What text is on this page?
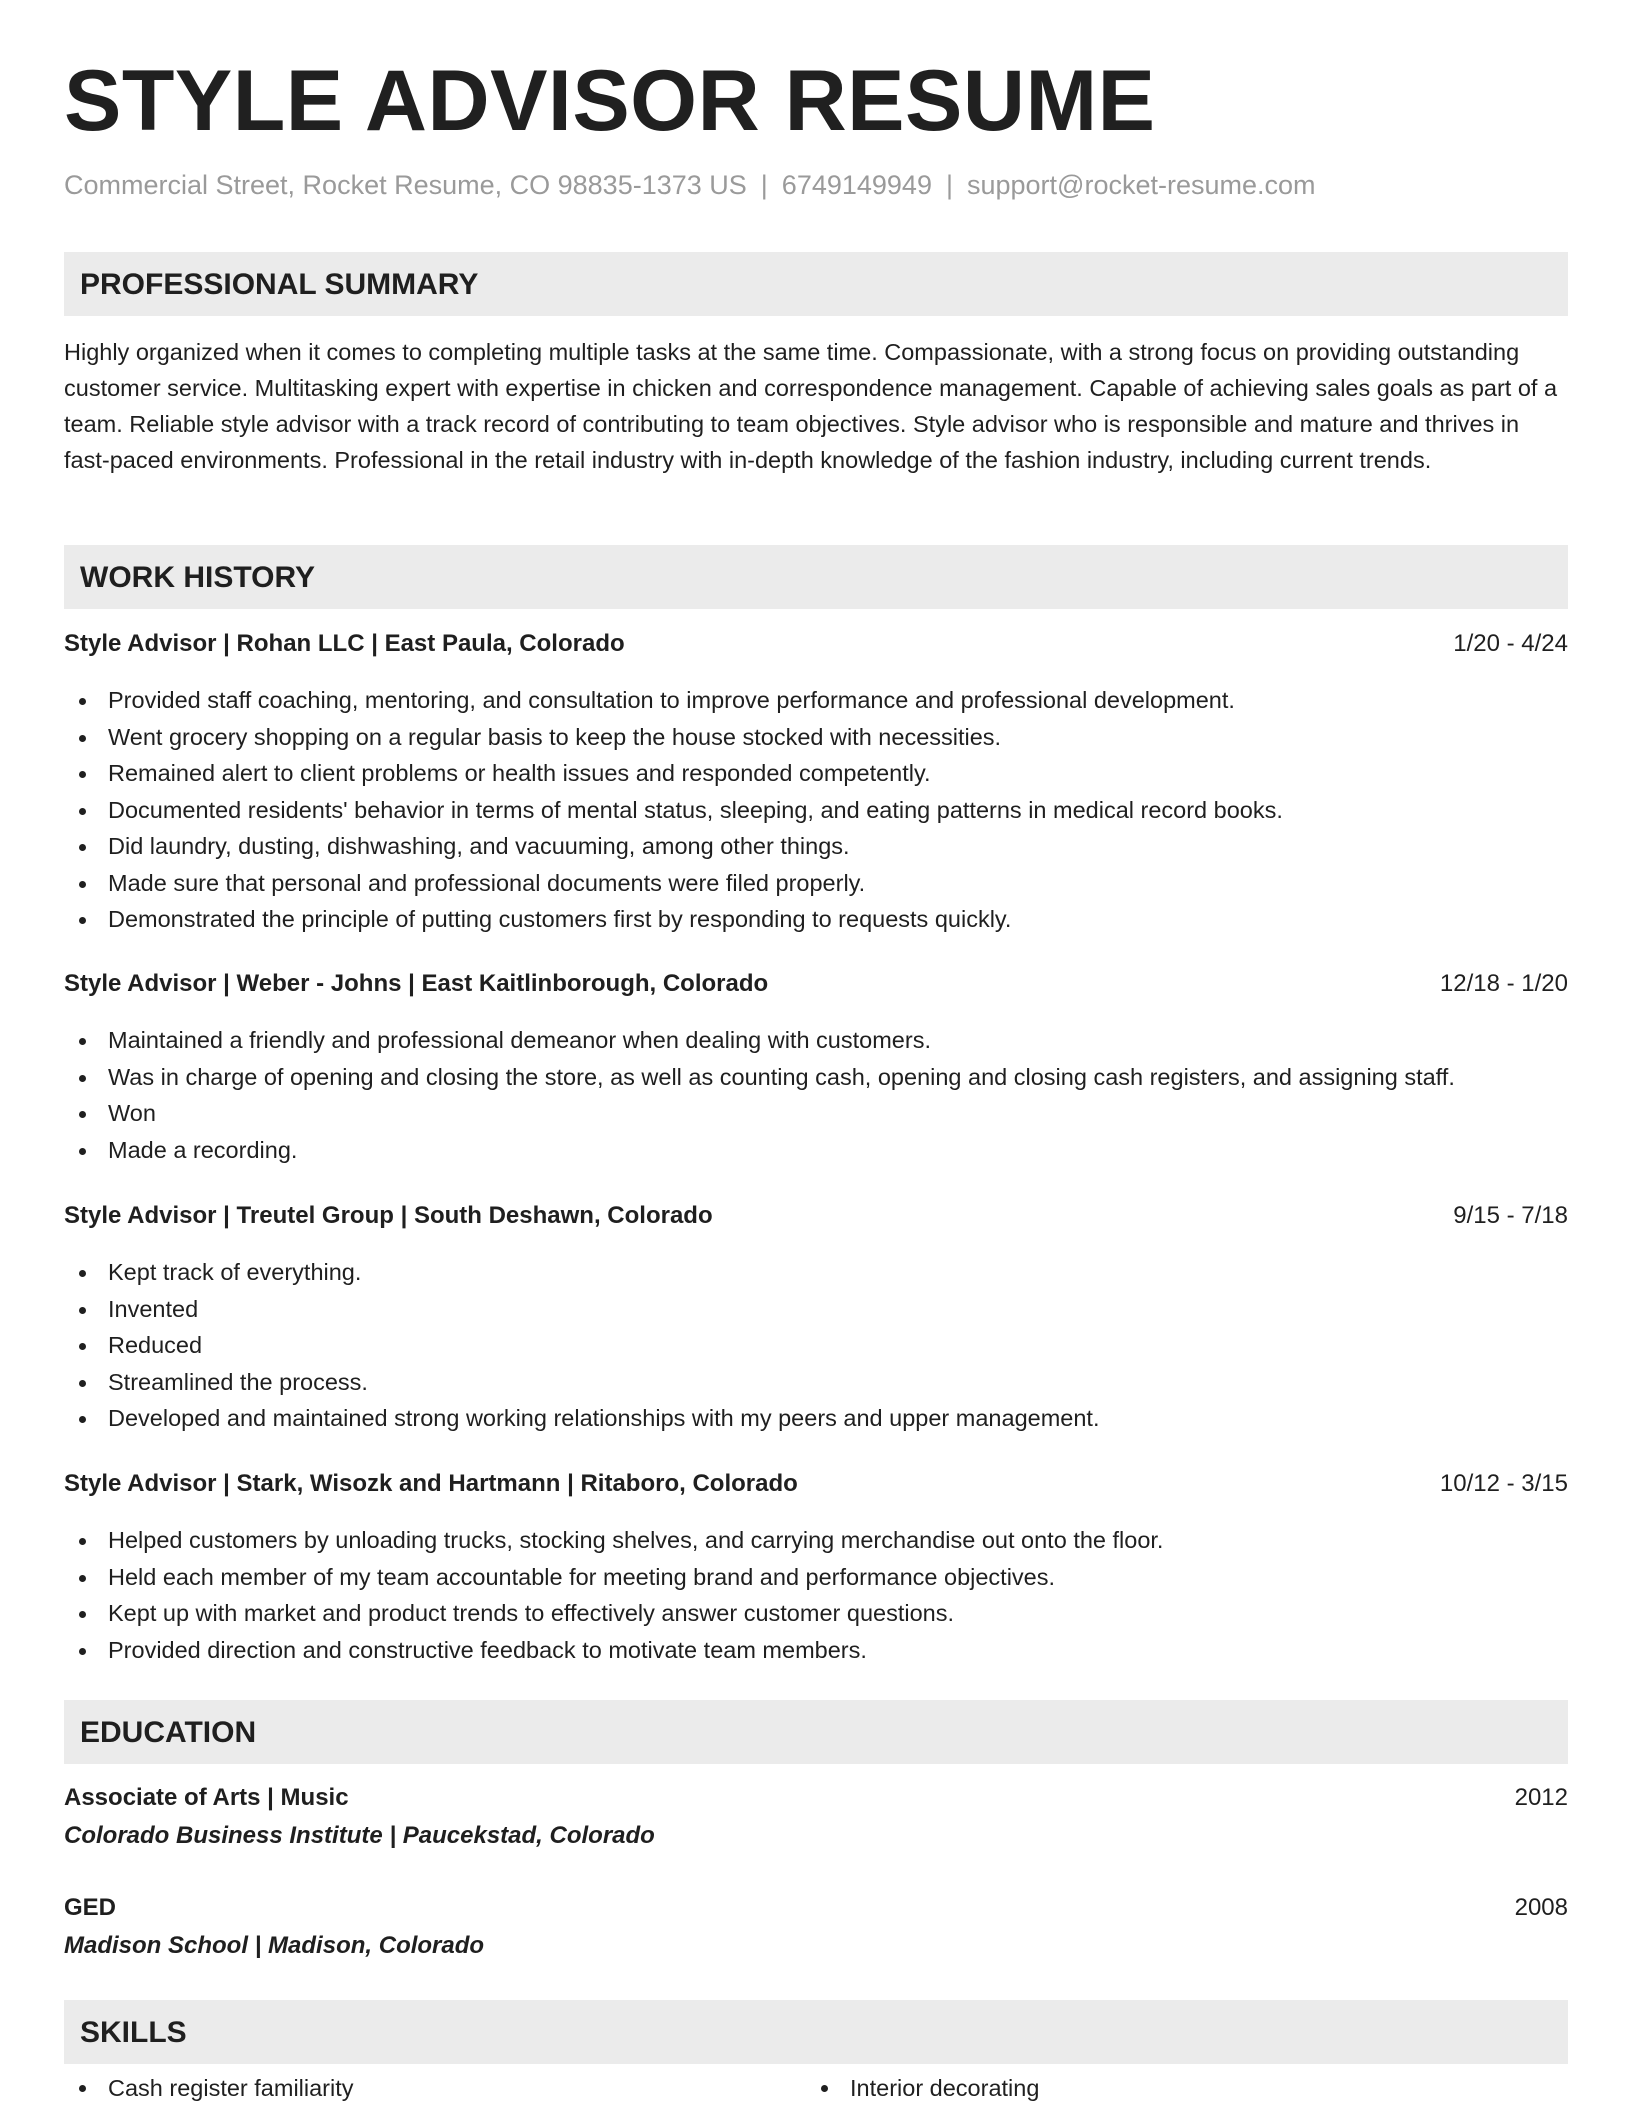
STYLE ADVISOR RESUME
Commercial Street, Rocket Resume, CO 98835-1373 US | 6749149949 | support@rocket-resume.com
PROFESSIONAL SUMMARY

Highly organized when it comes to completing multiple tasks at the same time. Compassionate, with a strong focus on providing outstanding customer service. Multitasking expert with expertise in chicken and correspondence management. Capable of achieving sales goals as part of a team. Reliable style advisor with a track record of contributing to team objectives. Style advisor who is responsible and mature and thrives in fast-paced environments. Professional in the retail industry with in-depth knowledge of the fashion industry, including current trends.

WORK HISTORY
Style Advisor | Rohan LLC | East Paula, Colorado	1/20 - 4/24
Provided staff coaching, mentoring, and consultation to improve performance and professional development.
Went grocery shopping on a regular basis to keep the house stocked with necessities.
Remained alert to client problems or health issues and responded competently.
Documented residents' behavior in terms of mental status, sleeping, and eating patterns in medical record books.
Did laundry, dusting, dishwashing, and vacuuming, among other things.
Made sure that personal and professional documents were filed properly.
Demonstrated the principle of putting customers first by responding to requests quickly.
Style Advisor | Weber - Johns | East Kaitlinborough, Colorado	12/18 - 1/20
Maintained a friendly and professional demeanor when dealing with customers.
Was in charge of opening and closing the store, as well as counting cash, opening and closing cash registers, and assigning staff.
Won
Made a recording.
Style Advisor | Treutel Group | South Deshawn, Colorado	9/15 - 7/18
Kept track of everything.
Invented
Reduced
Streamlined the process.
Developed and maintained strong working relationships with my peers and upper management.
Style Advisor | Stark, Wisozk and Hartmann | Ritaboro, Colorado	10/12 - 3/15
Helped customers by unloading trucks, stocking shelves, and carrying merchandise out onto the floor.
Held each member of my team accountable for meeting brand and performance objectives.
Kept up with market and product trends to effectively answer customer questions.
Provided direction and constructive feedback to motivate team members.
EDUCATION
Associate of Arts | Music	2012
Colorado Business Institute | Paucekstad, Colorado
GED	2008
Madison School | Madison, Colorado
SKILLS
Cash register familiarity	Interior decorating
